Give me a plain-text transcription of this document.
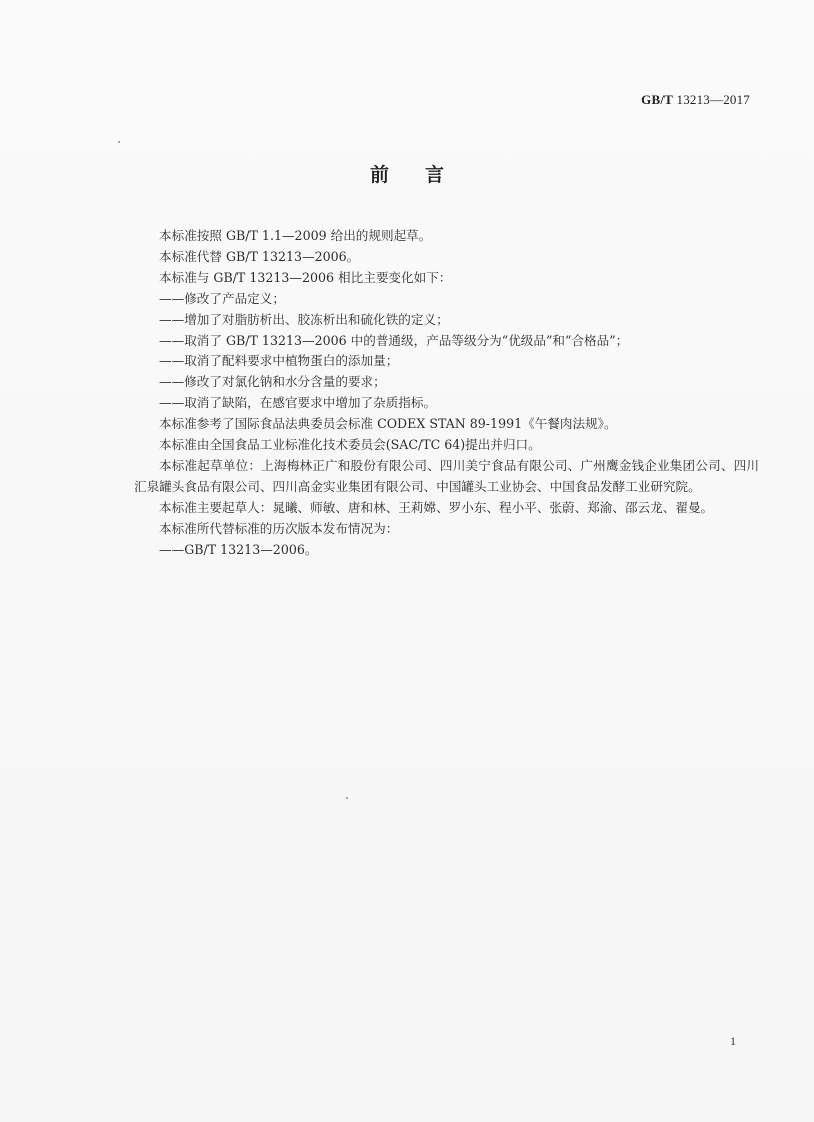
GB/T 13213—2017
前言

本标准按照 GB/T 1.1—2009 给出的规则起草。

本标准代替 GB/T 13213—2006。

本标准与 GB/T 13213—2006 相比主要变化如下：

——修改了产品定义；

——增加了对脂肪析出、胶冻析出和硫化铁的定义；

——取消了 GB/T 13213—2006 中的普通级，产品等级分为“优级品”和“合格品”；

——取消了配料要求中植物蛋白的添加量；

——修改了对氯化钠和水分含量的要求；

——取消了缺陷，在感官要求中增加了杂质指标。

本标准参考了国际食品法典委员会标准 CODEX STAN 89-1991《午餐肉法规》。

本标准由全国食品工业标准化技术委员会(SAC/TC 64)提出并归口。

本标准起草单位：上海梅林正广和股份有限公司、四川美宁食品有限公司、广州鹰金钱企业集团公司、四川汇泉罐头食品有限公司、四川高金实业集团有限公司、中国罐头工业协会、中国食品发酵工业研究院。

本标准主要起草人：晁曦、师敏、唐和林、王莉嫦、罗小东、程小平、张蔚、郑渝、邵云龙、翟曼。

本标准所代替标准的历次版本发布情况为：

——GB/T 13213—2006。

1
